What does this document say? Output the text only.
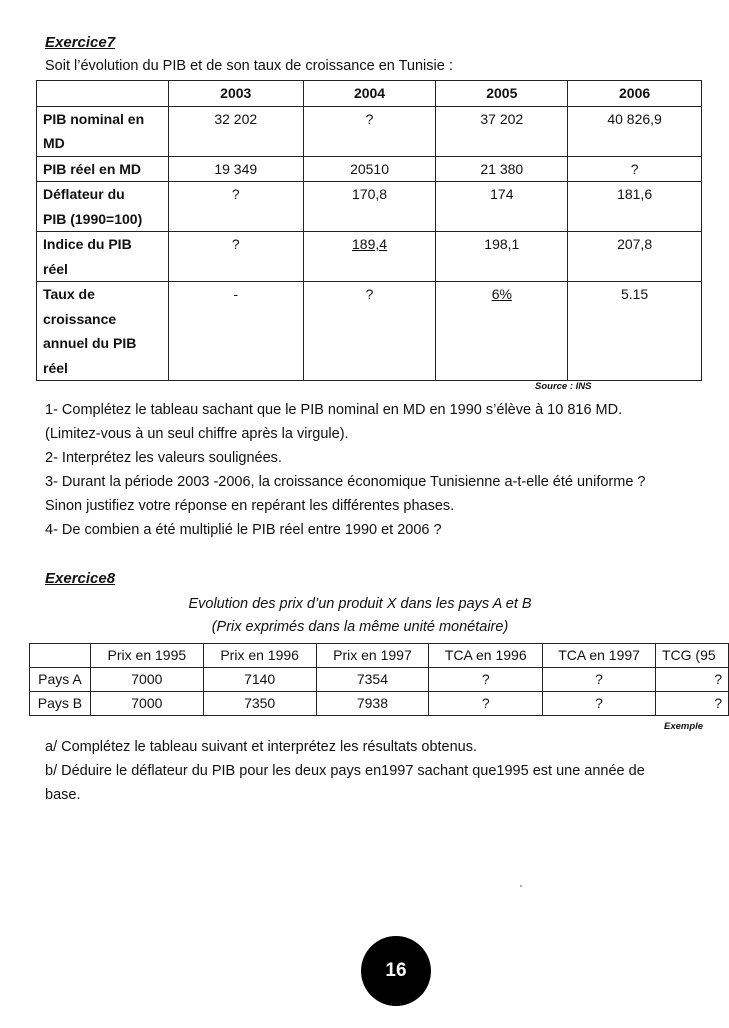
Exercice7
Soit l’évolution du PIB et de son taux de croissance en Tunisie :
	2003	2004	2005	2006

PIB nominal en
MD	32 202	?	37 202	40 826,9

PIB réel en MD	19 349	20510	21 380	?

Déflateur du
PIB (1990=100)	?	170,8	174	181,6

Indice du PIB
réel	?	189,4	198,1	207,8

Taux de
croissance
annuel du PIB
réel	-	?	6%	5.15
Source : INS
1- Complétez le tableau sachant que le PIB nominal en MD en 1990 s’élève à 10 816 MD.
(Limitez-vous à un seul chiffre après la virgule).
2- Interprétez les valeurs soulignées.
3- Durant la période 2003 -2006, la croissance économique Tunisienne a-t-elle été uniforme ?
Sinon justifiez votre réponse en repérant les différentes phases.
4- De combien a été multiplié le PIB réel entre 1990 et 2006 ?
Exercice8
Evolution des prix d’un produit X dans les pays A et B
(Prix exprimés dans la même unité monétaire)
	Prix en 1995	Prix en 1996	Prix en 1997	TCA en 1996	TCA en 1997	TCG (95
Pays A	7000	7140	7354	?	?	?
Pays B	7000	7350	7938	?	?	?
Exemple
a/ Complétez le tableau suivant et interprétez les résultats obtenus.
b/ Déduire le déflateur du PIB pour les deux pays en1997 sachant que1995 est une année de
base.
16
